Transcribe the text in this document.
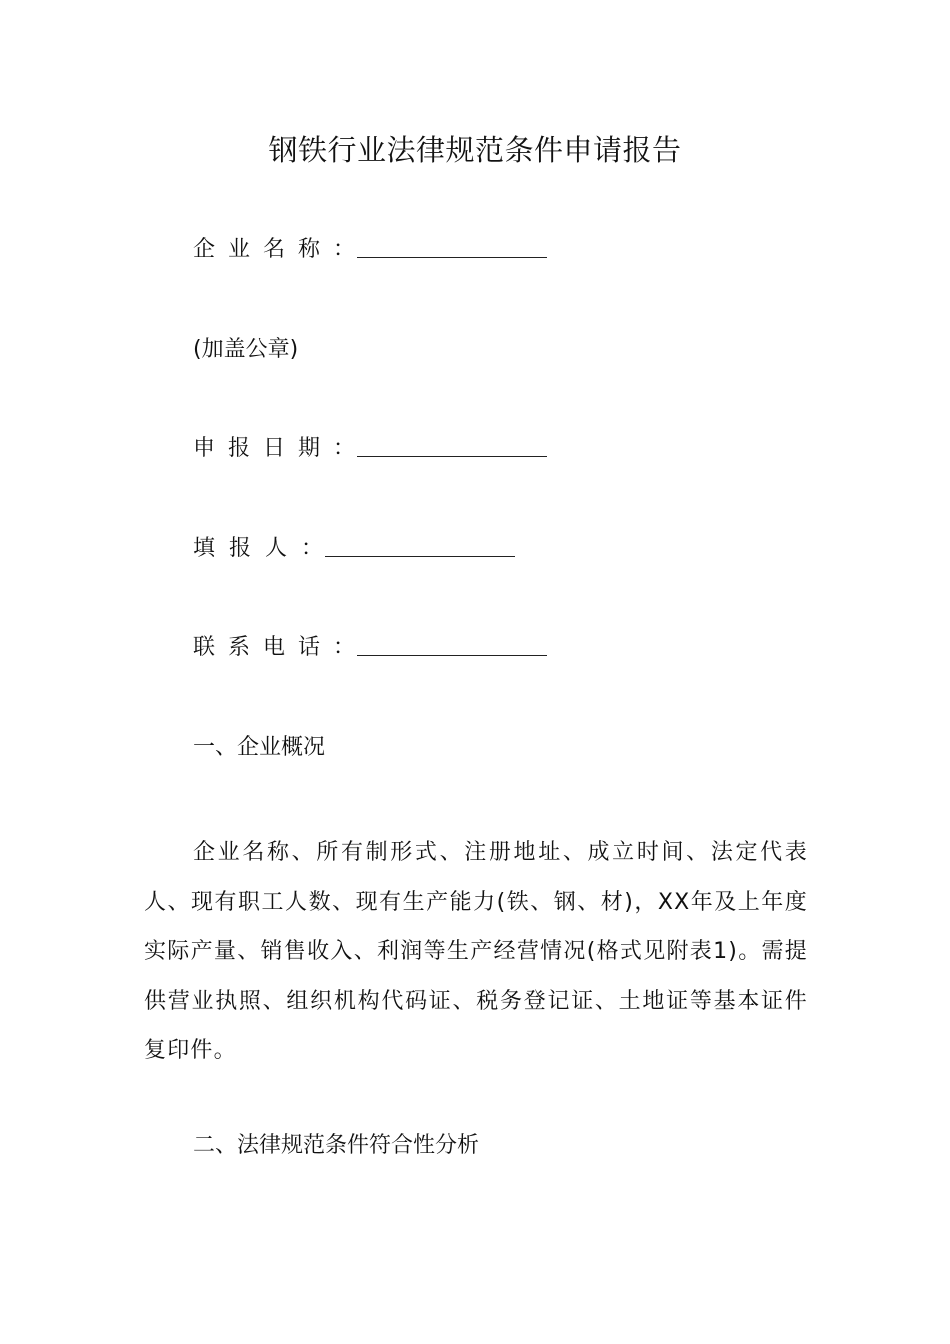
钢铁行业法律规范条件申请报告
企业名称：
(加盖公章)
申报日期：
填报人：
联系电话：
一、企业概况
企业名称、所有制形式、注册地址、成立时间、法定代表人、现有职工人数、现有生产能力(铁、钢、材)，XX年及上年度实际产量、销售收入、利润等生产经营情况(格式见附表1)。需提供营业执照、组织机构代码证、税务登记证、土地证等基本证件复印件。
二、法律规范条件符合性分析
